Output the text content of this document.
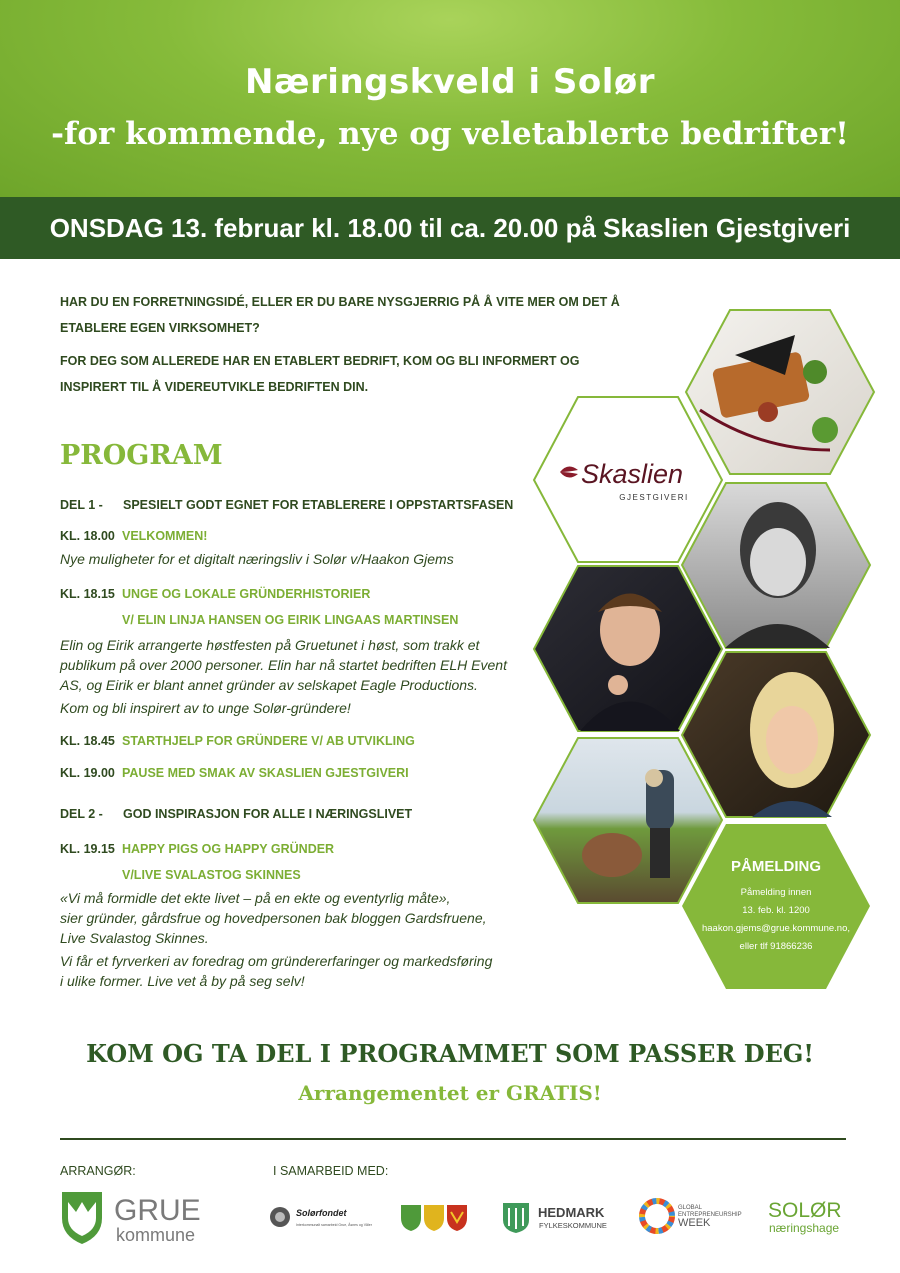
Næringskveld i Solør
-for kommende, nye og veletablerte bedrifter!
ONSDAG 13. februar kl. 18.00 til ca. 20.00 på Skaslien Gjestgiveri
HAR DU EN FORRETNINGSIDÉ, ELLER ER DU BARE NYSGJERRIG PÅ Å VITE MER OM DET Å
ETABLERE EGEN VIRKSOMHET?
FOR DEG SOM ALLEREDE HAR EN ETABLERT BEDRIFT, KOM OG BLI INFORMERT OG
INSPIRERT TIL Å VIDEREUTVIKLE BEDRIFTEN DIN.
PROGRAM
DEL 1 - SPESIELT GODT EGNET FOR ETABLERERE I OPPSTARTSFASEN
KL. 18.00 VELKOMMEN!
Nye muligheter for et digitalt næringsliv i Solør v/Haakon Gjems
KL. 18.15 UNGE OG LOKALE GRÜNDERHISTORIER
V/ ELIN LINJA HANSEN OG EIRIK LINGAAS MARTINSEN
Elin og Eirik arrangerte høstfesten på Gruetunet i høst, som trakk et
publikum på over 2000 personer. Elin har nå startet bedriften ELH Event
AS, og Eirik er blant annet gründer av selskapet Eagle Productions.
Kom og bli inspirert av to unge Solør-gründere!
KL. 18.45 STARTHJELP FOR GRÜNDERE V/ AB UTVIKLING
KL. 19.00 PAUSE MED SMAK AV SKASLIEN GJESTGIVERI
DEL 2 - GOD INSPIRASJON FOR ALLE I NÆRINGSLIVET
KL. 19.15 HAPPY PIGS OG HAPPY GRÜNDER
V/LIVE SVALASTOG SKINNES
«Vi må formidle det ekte livet – på en ekte og eventyrlig måte»,
sier gründer, gårdsfrue og hovedpersonen bak bloggen Gardsfruene,
Live Svalastog Skinnes.
Vi får et fyrverkeri av foredrag om gründererfaringer og markedsføring
i ulike former. Live vet å by på seg selv!
Skaslien
GJESTGIVERI
PÅMELDING
Påmelding innen
13. feb. kl. 1200
haakon.gjems@grue.kommune.no,
eller tlf 91866236
KOM OG TA DEL I PROGRAMMET SOM PASSER DEG!
Arrangementet er GRATIS!
ARRANGØR:	I SAMARBEID MED:
GRUE
kommune
Solørfondet
Interkommunalt samarbeid Grue, Åsnes og Våler
HEDMARK
FYLKESKOMMUNE
GLOBAL
ENTREPRENEURSHIP
WEEK
SOLØR
næringshage
